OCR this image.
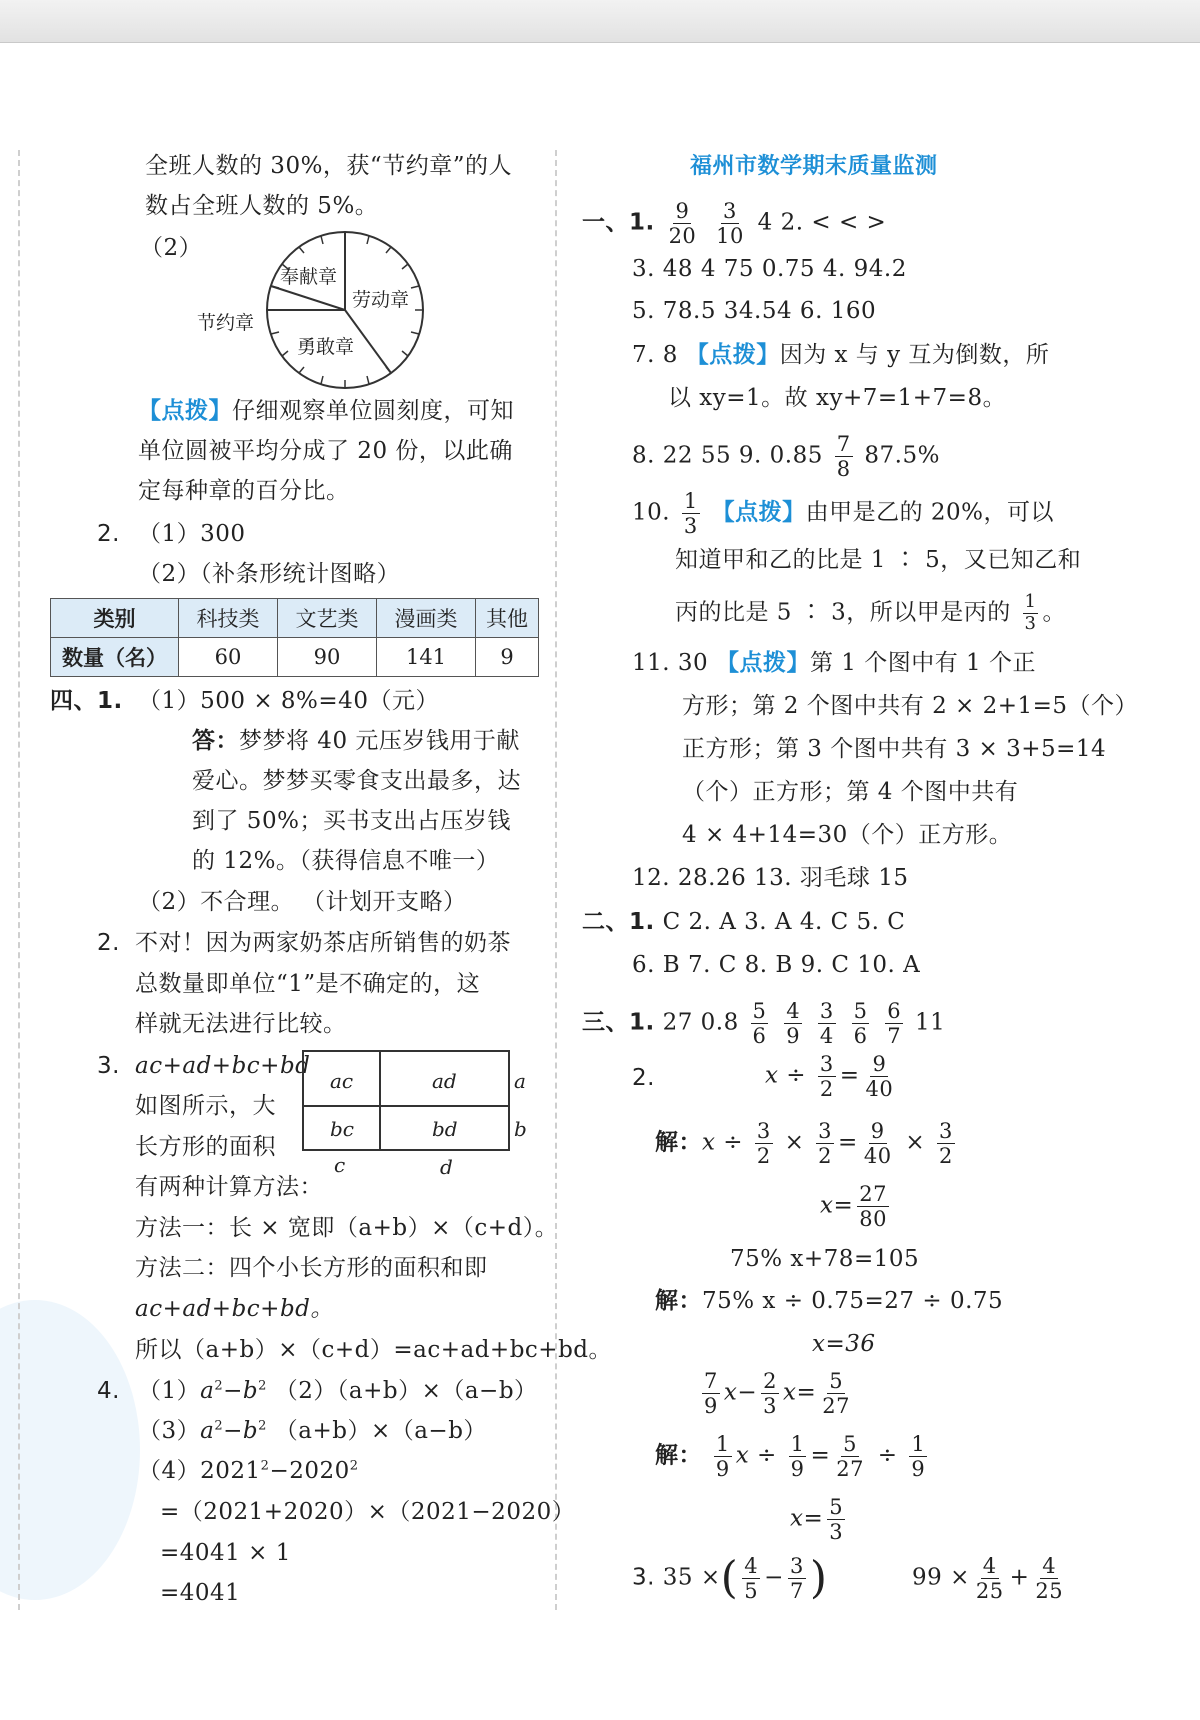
全班人数的 30%，获“节约章”的人
数占全班人数的 5%。
（2）
奉献章
劳动章
勇敢章
节约章
【点拨】仔细观察单位圆刻度，可知
单位圆被平均分成了 20 份，以此确
定每种章的百分比。
2. （1）300
（2）（补条形统计图略）
类别	科技类	文艺类	漫画类	其他
数量（名）	60	90	141	9
四、1. （1）500 × 8%=40（元）
答：梦梦将 40 元压岁钱用于献
爱心。梦梦买零食支出最多，达
到了 50%；买书支出占压岁钱
的 12%。（获得信息不唯一）
（2）不合理。 （计划开支略）
2. 不对！因为两家奶茶店所销售的奶茶
总数量即单位“1”是不确定的，这
样就无法进行比较。
3. ac+ad+bc+bd
如图所示，大
长方形的面积
有两种计算方法：
ac	ad
bc	bd
a
b
c	d
方法一：长 × 宽即（a+b）×（c+d）。
方法二：四个小长方形的面积和即
ac+ad+bc+bd。
所以（a+b）×（c+d）=ac+ad+bc+bd。
4. $(1)a^2-b^2$ （2）（a+b）×（a−b）
$(3)a^2-b^2$ （a+b）×（a−b）
$(4)2021^2-2020^2$
=（2021+2020）×（2021−2020）
=4041 × 1
=4041
福州市数学期末质量监测
一、1. $\frac{9}{20}$
$\frac{3}{10} 4$ 2. < < >
3. 48 4 75 0.75 4. 94.2
5. 78.5 34.54 6. 160
7. 8 【点拨】因为 x 与 y 互为倒数，所
以 xy=1。故 xy+7=1+7=8。
8. 22 55 9. $0.85 \frac{7}{8} 87.5\%$
10. $\frac{1}{3}$ 【点拨】由甲是乙的 20%，可以
知道甲和乙的比是 1 ∶ 5，又已知乙和
丙的比是 5 ∶ 3，所以甲是丙的 $\frac{1}{3}$ 。
11. 30 【点拨】第 1 个图中有 1 个正
方形；第 2 个图中共有 2 × 2+1=5（个）
正方形；第 3 个图中共有 3 × 3+5=14
（个）正方形；第 4 个图中共有
4 × 4+14=30（个）正方形。
12. 28.26 13. 羽毛球 15
二、1. C 2. A 3. A 4. C 5. C
6. B 7. C 8. B 9. C 10. A
三、1. 27 $0.8 \frac{5}{6}$
$\frac{4}{9}$
$\frac{3}{4}$
$\frac{5}{6}$
$\frac{6}{7} 11$
2.	$x \div \frac{3}{2} = \frac{9}{40}$
解：$x \div \frac{3}{2} \times \frac{3}{2} = \frac{9}{40} \times \frac{3}{2}$
$x= \frac{27}{80}$
75% x+78=105
解：75% x ÷ 0.75=27 ÷ 0.75
x=36
$\frac{7}{9} x- \frac{2}{3} x= \frac{5}{27}$
解： $\frac{1}{9}$ $x \div \frac{1}{9} = \frac{5}{27} \div \frac{1}{9}$
$x= \frac{5}{3}$
3. 35 ×( $\frac{4}{5} - \frac{3}{7}$ )	$99 \times \frac{4}{25} + \frac{4}{25}$
